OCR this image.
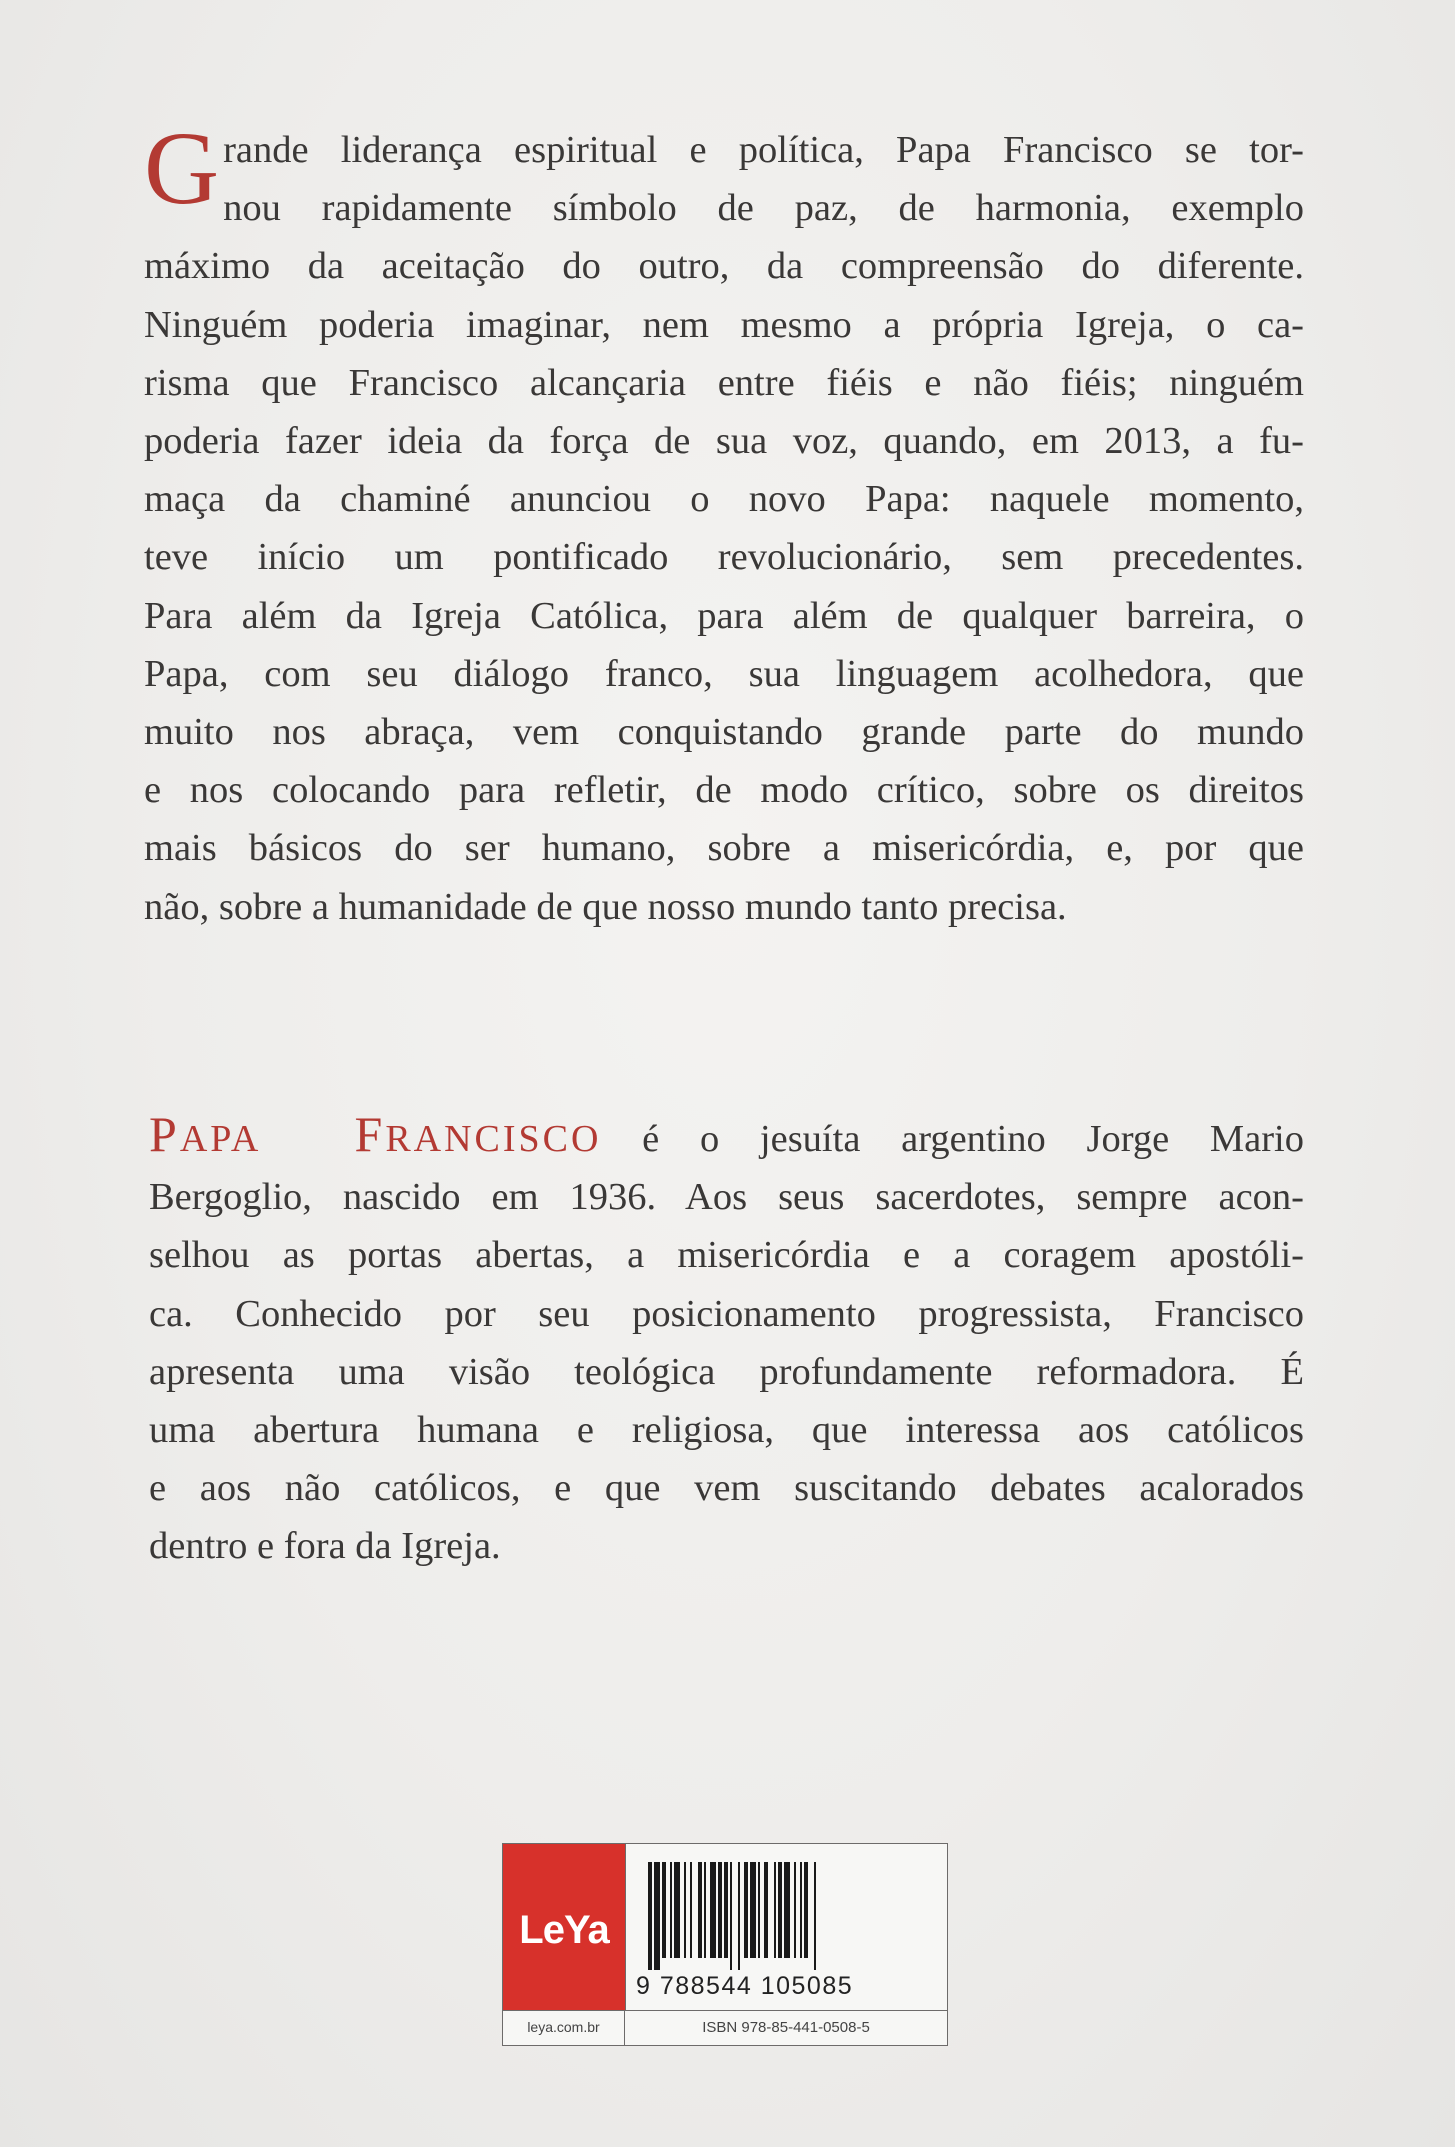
G rande liderança espiritual e política, Papa Francisco se tor-
nou rapidamente símbolo de paz, de harmonia, exemplo
máximo da aceitação do outro, da compreensão do diferente.
Ninguém poderia imaginar, nem mesmo a própria Igreja, o ca-
risma que Francisco alcançaria entre fiéis e não fiéis; ninguém
poderia fazer ideia da força de sua voz, quando, em 2013, a fu-
maça da chaminé anunciou o novo Papa: naquele momento,
teve início um pontificado revolucionário, sem precedentes.
Para além da Igreja Católica, para além de qualquer barreira, o
Papa, com seu diálogo franco, sua linguagem acolhedora, que
muito nos abraça, vem conquistando grande parte do mundo
e nos colocando para refletir, de modo crítico, sobre os direitos
mais básicos do ser humano, sobre a misericórdia, e, por que
não, sobre a humanidade de que nosso mundo tanto precisa.
PAPA FRANCISCO é o jesuíta argentino Jorge Mario
Bergoglio, nascido em 1936. Aos seus sacerdotes, sempre acon-
selhou as portas abertas, a misericórdia e a coragem apostóli-
ca. Conhecido por seu posicionamento progressista, Francisco
apresenta uma visão teológica profundamente reformadora. É
uma abertura humana e religiosa, que interessa aos católicos
e aos não católicos, e que vem suscitando debates acalorados
dentro e fora da Igreja.
LeYa
leya.com.br
9 788544 105085
ISBN 978-85-441-0508-5
